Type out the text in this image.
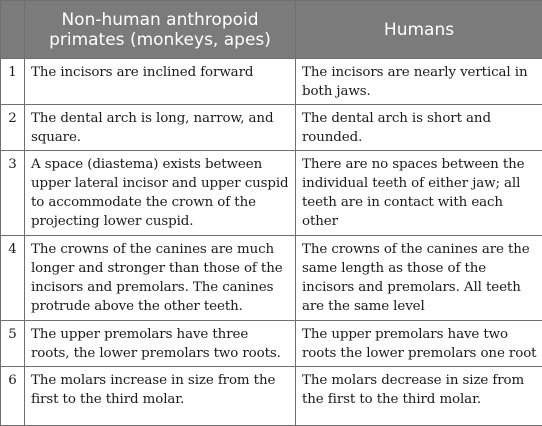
	Non-human anthropoid primates (monkeys, apes)	Humans
1	The incisors are inclined forward	The incisors are nearly vertical in both jaws.
2	The dental arch is long, narrow, and square.	The dental arch is short and rounded.
3	A space (diastema) exists between upper lateral incisor and upper cuspid to accommodate the crown of the projecting lower cuspid.	There are no spaces between the individual teeth of either jaw; all teeth are in contact with each other
4	The crowns of the canines are much longer and stronger than those of the incisors and premolars. The canines protrude above the other teeth.	The crowns of the canines are the same length as those of the incisors and premolars. All teeth are the same level
5	The upper premolars have three roots, the lower premolars two roots.	The upper premolars have two roots the lower premolars one root
6	The molars increase in size from the first to the third molar.	The molars decrease in size from the first to the third molar.
